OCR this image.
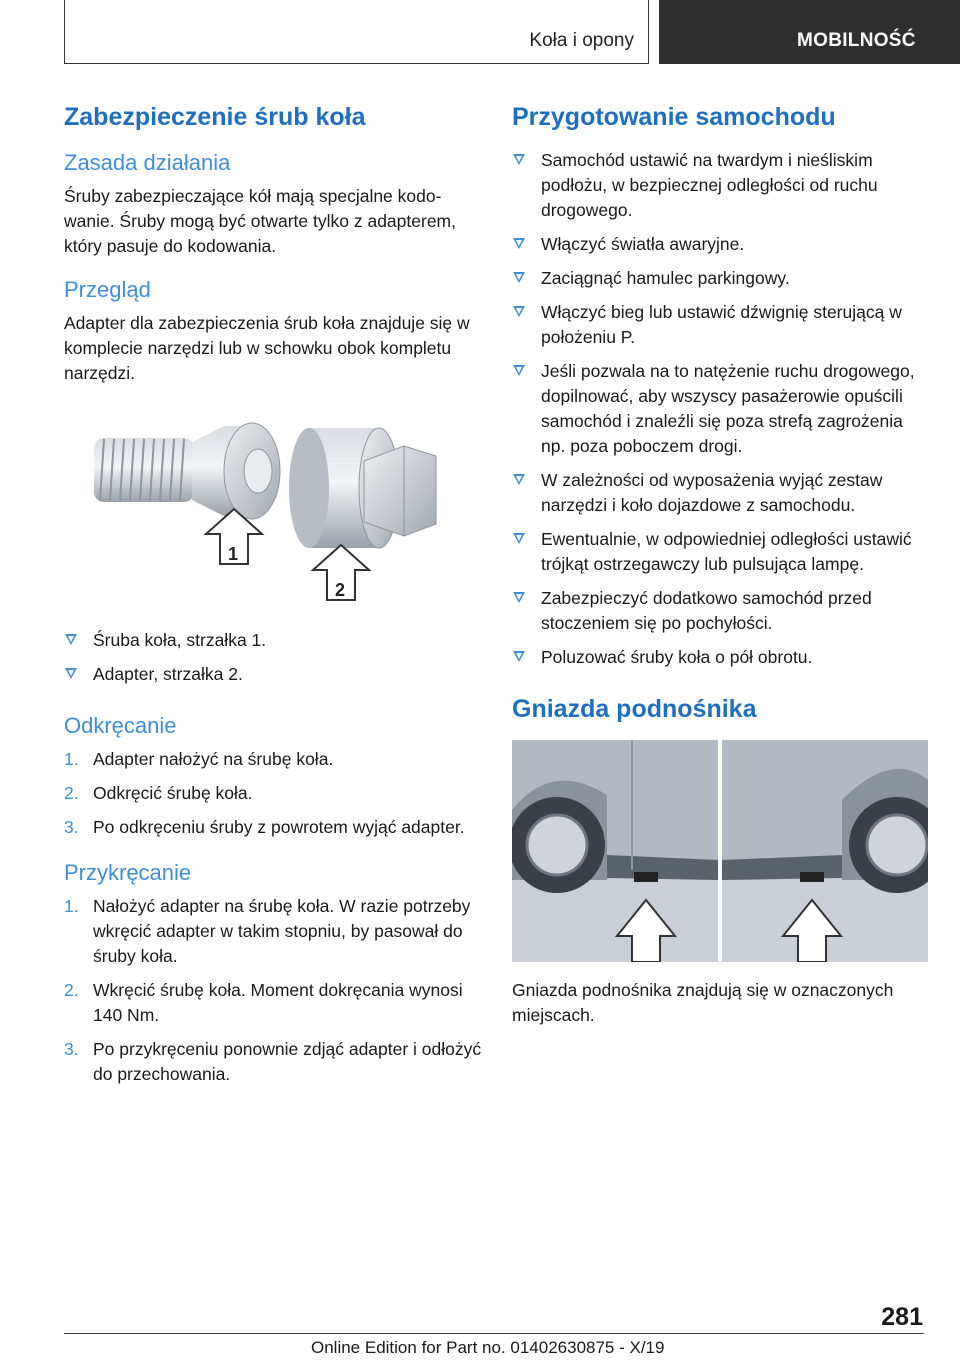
Koła i opony	MOBILNOŚĆ
Zabezpieczenie śrub koła
Zasada działania

Śruby zabezpieczające kół mają specjalne kodowanie. Śruby mogą być otwarte tylko z adapterem, który pasuje do kodowania.

Przegląd

Adapter dla zabezpieczenia śrub koła znajduje się w komplecie narzędzi lub w schowku obok kompletu narzędzi.

1
2
Śruba koła, strzałka 1.
Adapter, strzałka 2.
Odkręcanie
1. Adapter nałożyć na śrubę koła.
2. Odkręcić śrubę koła.
3. Po odkręceniu śruby z powrotem wyjąć adapter.
Przykręcanie
1. Nałożyć adapter na śrubę koła. W razie potrzeby wkręcić adapter w takim stopniu, by pasował do śruby koła.
2. Wkręcić śrubę koła. Moment dokręcania wynosi 140 Nm.
3. Po przykręceniu ponownie zdjąć adapter i odłożyć do przechowania.
Przygotowanie samochodu
Samochód ustawić na twardym i nieśliskim podłożu, w bezpiecznej odległości od ruchu drogowego.
Włączyć światła awaryjne.
Zaciągnąć hamulec parkingowy.
Włączyć bieg lub ustawić dźwignię sterującą w położeniu P.
Jeśli pozwala na to natężenie ruchu drogowego, dopilnować, aby wszyscy pasażerowie opuścili samochód i znaleźli się poza strefą zagrożenia np. poza poboczem drogi.
W zależności od wyposażenia wyjąć zestaw narzędzi i koło dojazdowe z samochodu.
Ewentualnie, w odpowiedniej odległości ustawić trójkąt ostrzegawczy lub pulsująca lampę.
Zabezpieczyć dodatkowo samochód przed stoczeniem się po pochyłości.
Poluzować śruby koła o pół obrotu.
Gniazda podnośnika

Gniazda podnośnika znajdują się w oznaczonych miejscach.

281
Online Edition for Part no. 01402630875 - X/19
